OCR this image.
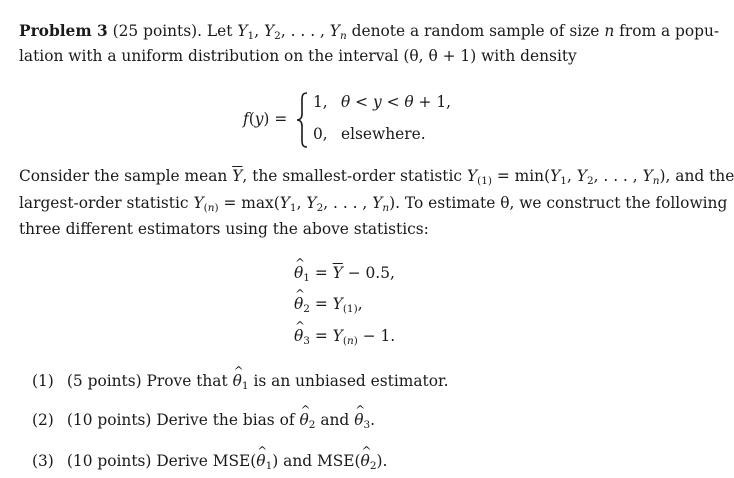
Problem 3 (25 points). Let $Y_1$, $Y_2$, . . . , $Y_n$ denote a random sample of size n from a popu-
lation with a uniform distribution on the interval (θ, θ + 1) with density
f(y) =
1, θ < y < θ + 1,
0, elsewhere.
Consider the sample mean $\overline{Y}$, the smallest-order statistic $Y_{(1)} = \min(Y_1$, $Y_2$, . . . , $Y_n$), and the
largest-order statistic $Y_{(n)} = \max(Y_1$, $Y_2$, . . . , $Y_n$). To estimate θ, we construct the following
three different estimators using the above statistics:
^ $\theta_1 = \overline{Y} - 0.5$,
^ $\theta_2 = Y_{(1)}$,
^ $\theta_3 = Y_{(n)} - 1$.
(1) (5 points) Prove that ^ $\theta_1$ is an unbiased estimator.
(2) (10 points) Derive the bias of ^ $\theta_2$ and ^ $\theta_3$.
(3) (10 points) Derive MSE(^ $\theta_1$) and MSE(^ $\theta_2$).
